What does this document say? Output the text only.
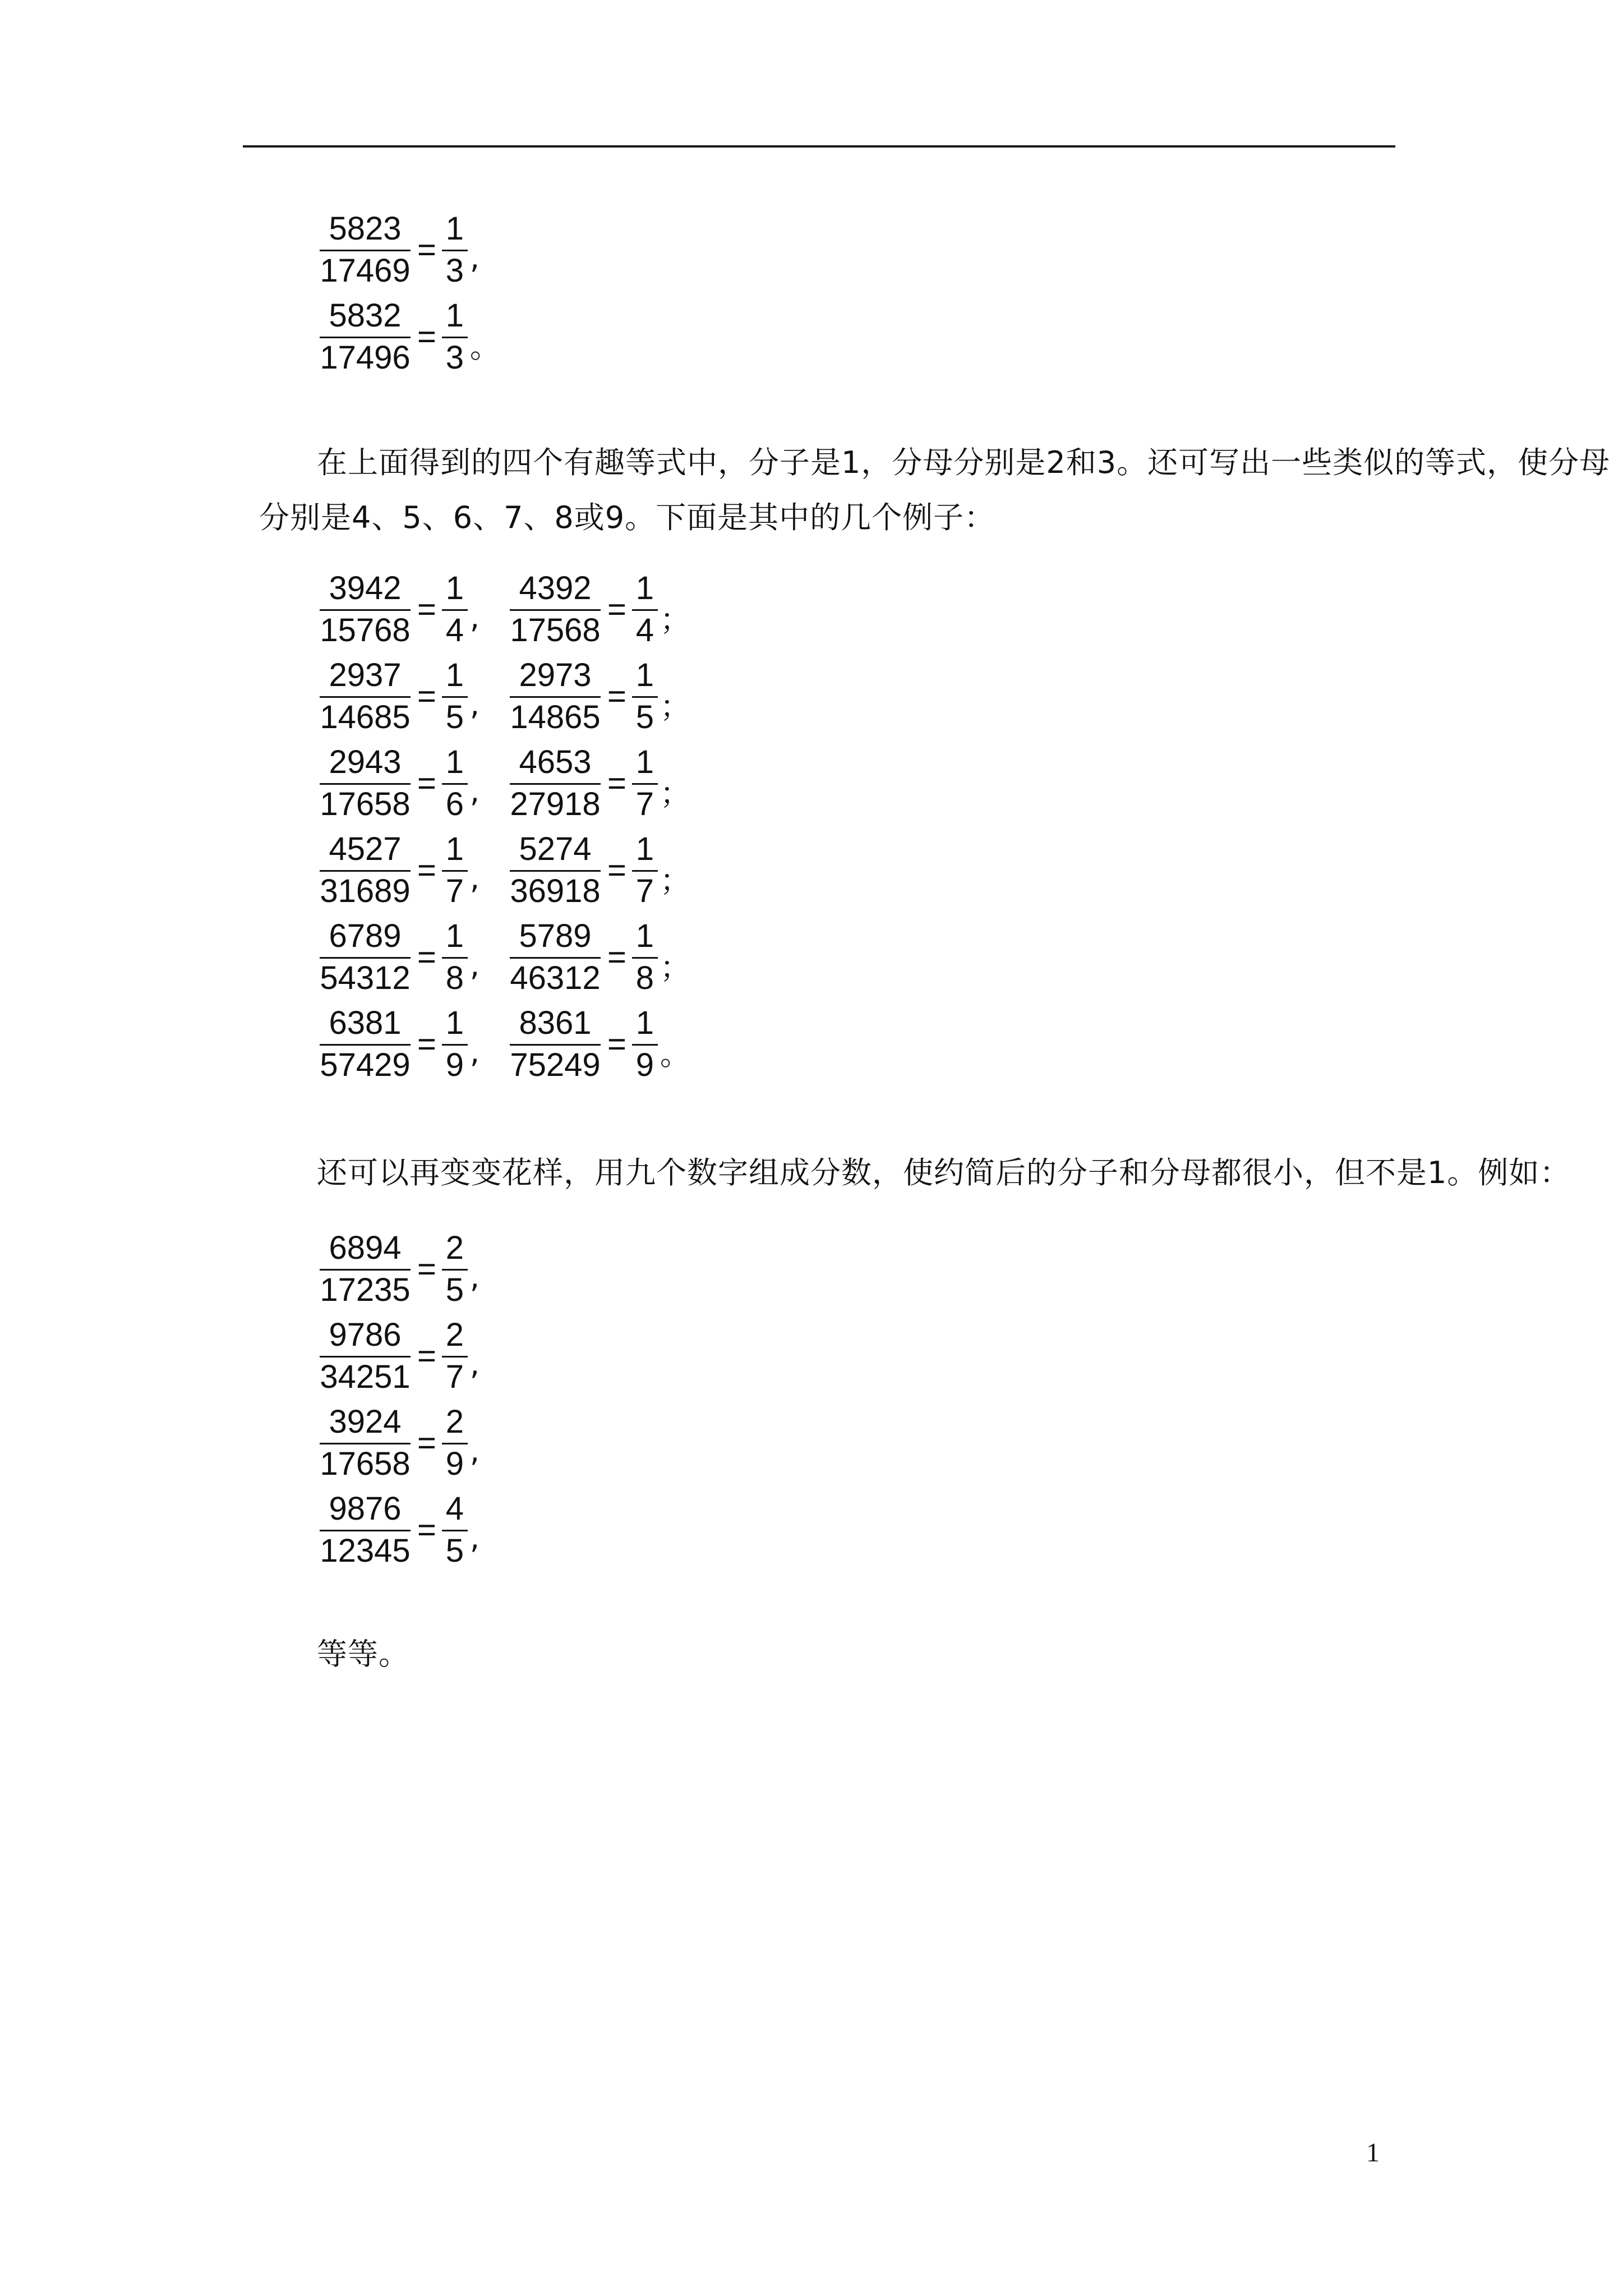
$\frac{5823}{17469} = \frac{1}{3}$ ,
$\frac{5832}{17496} = \frac{1}{3}$ 。
在上面得到的四个有趣等式中，分子是1，分母分别是2和3。还可写出一些类似的等式，使分母
分别是4、5、6、7、8或9。下面是其中的几个例子：
$\frac{3942}{15768} = \frac{1}{4}$ , $\frac{4392}{17568} = \frac{1}{4}$ ；
$\frac{2937}{14685} = \frac{1}{5}$ , $\frac{2973}{14865} = \frac{1}{5}$ ；
$\frac{2943}{17658} = \frac{1}{6}$ , $\frac{4653}{27918} = \frac{1}{7}$ ；
$\frac{4527}{31689} = \frac{1}{7}$ , $\frac{5274}{36918} = \frac{1}{7}$ ；
$\frac{6789}{54312} = \frac{1}{8}$ , $\frac{5789}{46312} = \frac{1}{8}$ ；
$\frac{6381}{57429} = \frac{1}{9}$ , $\frac{8361}{75249} = \frac{1}{9}$ 。
还可以再变变花样，用九个数字组成分数，使约简后的分子和分母都很小，但不是1。例如：
$\frac{6894}{17235} = \frac{2}{5}$ ,
$\frac{9786}{34251} = \frac{2}{7}$ ,
$\frac{3924}{17658} = \frac{2}{9}$ ,
$\frac{9876}{12345} = \frac{4}{5}$ ,
等等。
1
